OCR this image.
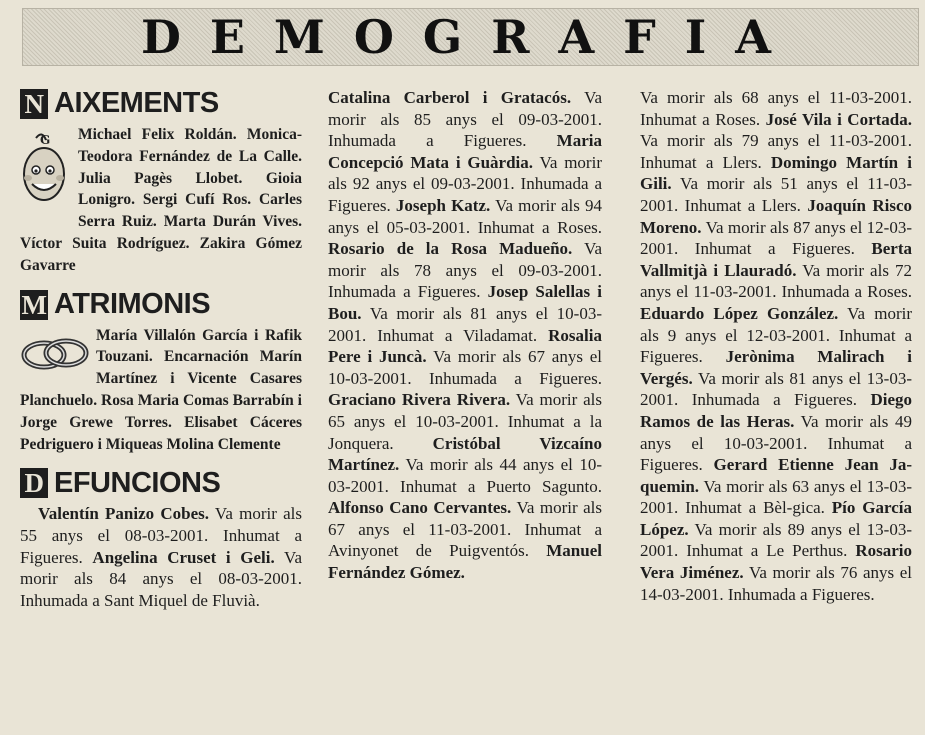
DEMOGRAFIA
N AIXEMENTS
G Michael Felix Roldán. Monica-Teodora Fernández de La Calle. Julia Pagès Llobet. Gioia Lonigro. Sergi Cufí Ros. Carles Serra Ruiz. Marta Durán Vives. Víctor Suita Rodríguez. Zakira Gómez Gavarre
M ATRIMONIS
María Villalón García i Rafik Touzani. Encarnación Marín Martínez i Vicente Casares Planchuelo. Rosa Maria Comas Barrabín i Jorge Grewe Torres. Elisabet Cáceres Pedriguero i Miqueas Molina Clemente
D EFUNCIONS
Valentín Panizo Cobes. Va morir als 55 anys el 08-03-2001. Inhumat a Figueres. Angelina Cruset i Geli. Va morir als 84 anys el 08-03-2001. Inhumada a Sant Miquel de Fluvià.
Catalina Carberol i Gratacós. Va morir als 85 anys el 09-03-2001. Inhumada a Figueres. Maria Concepció Mata i Guàrdia. Va morir als 92 anys el 09-03-2001. Inhumada a Figueres. Joseph Katz. Va morir als 94 anys el 05-03-2001. Inhumat a Roses. Rosario de la Rosa Madueño. Va morir als 78 anys el 09-03-2001. Inhumada a Figueres. Josep Salellas i Bou. Va morir als 81 anys el 10-03-2001. Inhumat a Viladamat. Rosalia Pere i Juncà. Va morir als 67 anys el 10-03-2001. Inhumada a Figueres. Graciano Rivera Rivera. Va morir als 65 anys el 10-03-2001. Inhumat a la Jonquera. Cristóbal Vizcaíno Martínez. Va morir als 44 anys el 10-03-2001. Inhumat a Puerto Sagunto. Alfonso Cano Cervantes. Va morir als 67 anys el 11-03-2001. Inhumat a Avinyonet de Puigventós. Manuel Fernández Gómez.
Va morir als 68 anys el 11-03-2001. Inhumat a Roses. José Vila i Cortada. Va morir als 79 anys el 11-03-2001. Inhumat a Llers. Domingo Martín i Gili. Va morir als 51 anys el 11-03-2001. Inhumat a Llers. Joaquín Risco Moreno. Va morir als 87 anys el 12-03-2001. Inhumat a Figueres. Berta Vallmitjà i Llauradó. Va morir als 72 anys el 11-03-2001. Inhumada a Roses. Eduardo López González. Va morir als 9 anys el 12-03-2001. Inhumat a Figueres. Jerònima Malirach i Vergés. Va morir als 81 anys el 13-03-2001. Inhumada a Figueres. Diego Ramos de las Heras. Va morir als 49 anys el 10-03-2001. Inhumat a Figueres. Gerard Etienne Jean Ja-quemin. Va morir als 63 anys el 13-03-2001. Inhumat a Bèl-gica. Pío García López. Va morir als 89 anys el 13-03-2001. Inhumat a Le Perthus. Rosario Vera Jiménez. Va morir als 76 anys el 14-03-2001. Inhumada a Figueres.
